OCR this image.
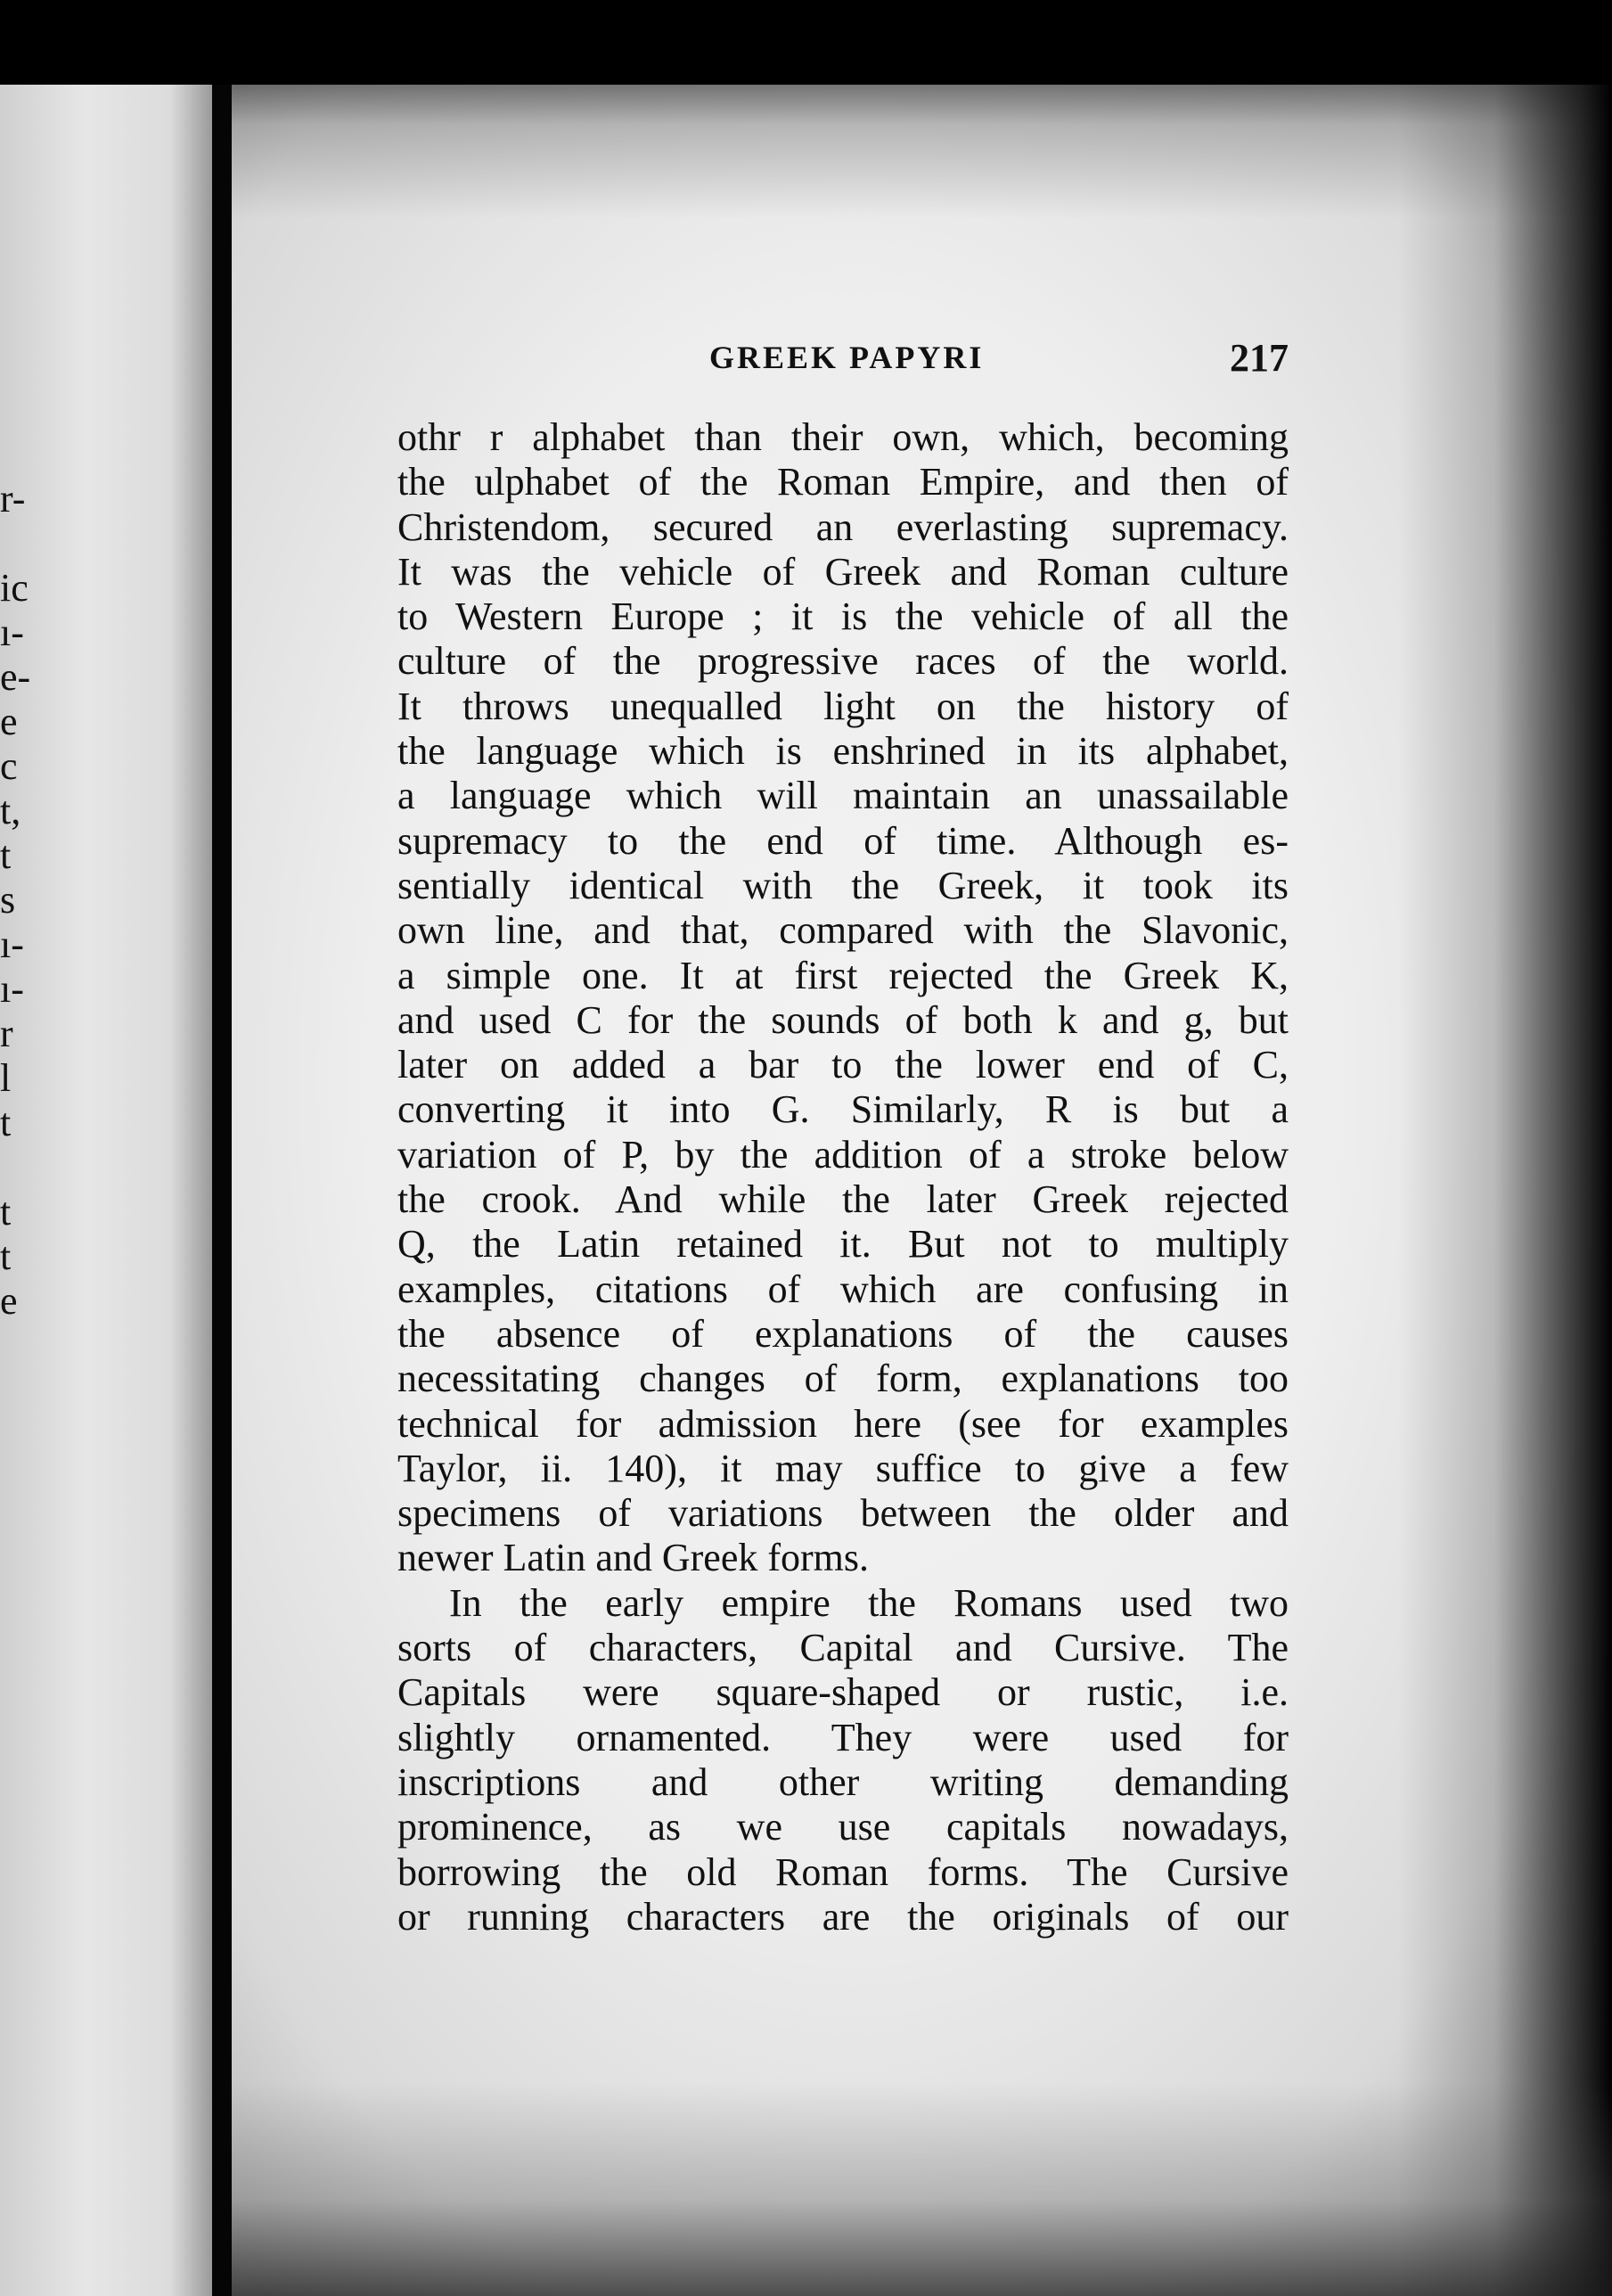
r-
ic
ı-
e-
e
c
t,
t
s
ı-
ı-
r
l
t
t
t
e
GREEK PAPYRI	217
othr r alphabet than their own, which, becoming
the ulphabet of the Roman Empire, and then of
Christendom, secured an everlasting supremacy.
It was the vehicle of Greek and Roman culture
to Western Europe ; it is the vehicle of all the
culture of the progressive races of the world.
It throws unequalled light on the history of
the language which is enshrined in its alphabet,
a language which will maintain an unassailable
supremacy to the end of time. Although es-
sentially identical with the Greek, it took its
own line, and that, compared with the Slavonic,
a simple one. It at first rejected the Greek K,
and used C for the sounds of both k and g, but
later on added a bar to the lower end of C,
converting it into G. Similarly, R is but a
variation of P, by the addition of a stroke below
the crook. And while the later Greek rejected
Q, the Latin retained it. But not to multiply
examples, citations of which are confusing in
the absence of explanations of the causes
necessitating changes of form, explanations too
technical for admission here (see for examples
Taylor, ii. 140), it may suffice to give a few
specimens of variations between the older and
newer Latin and Greek forms.
In the early empire the Romans used two
sorts of characters, Capital and Cursive. The
Capitals were square-shaped or rustic, i.e.
slightly ornamented. They were used for
inscriptions and other writing demanding
prominence, as we use capitals nowadays,
borrowing the old Roman forms. The Cursive
or running characters are the originals of our
